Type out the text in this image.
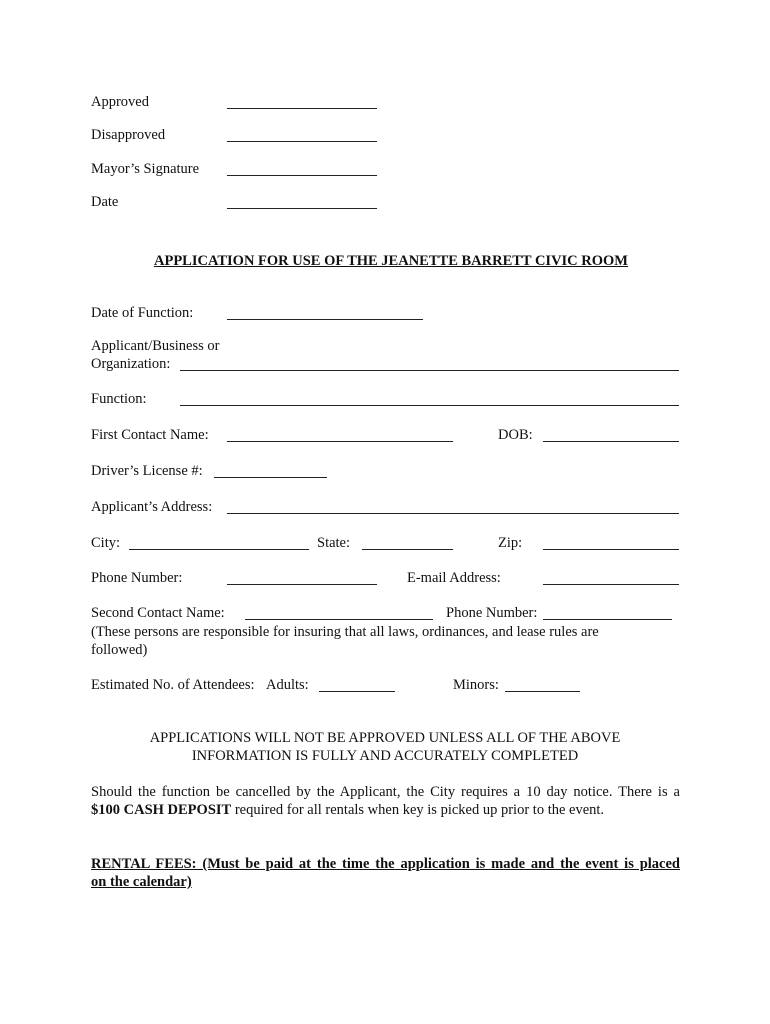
Approved
Disapproved
Mayor’s Signature
Date
APPLICATION FOR USE OF THE JEANETTE BARRETT CIVIC ROOM
Date of Function:
Applicant/Business or
Organization:
Function:
First Contact Name:	DOB:
Driver’s License #:
Applicant’s Address:
City:	State:	Zip:
Phone Number:	E-mail Address:
Second Contact Name:	Phone Number:
(These persons are responsible for insuring that all laws, ordinances, and lease rules are
followed)
Estimated No. of Attendees: Adults:	Minors:
APPLICATIONS WILL NOT BE APPROVED UNLESS ALL OF THE ABOVE
INFORMATION IS FULLY AND ACCURATELY COMPLETED
Should the function be cancelled by the Applicant, the City requires a 10 day notice. There is a
$100 CASH DEPOSIT required for all rentals when key is picked up prior to the event.
RENTAL FEES: (Must be paid at the time the application is made and the event is placed
on the calendar)
